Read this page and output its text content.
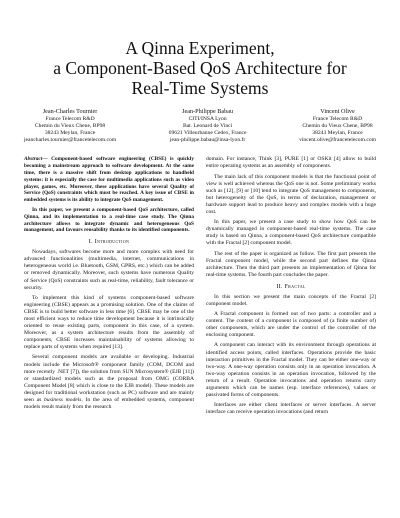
A Qinna Experiment,
a Component-Based QoS Architecture for
Real-Time Systems
Jean-Charles Tournier
France Telecom R&D
Chemin du Vieux Chene, BP98
38243 Meylan, France
jeancharles.tournier@francetelecom.com
Jean-Philippe Babau
CITI/INSA Lyon
Bat. Leonard de Vinci
69621 Villeurbanne Cedex, France
jean-philippe.babau@insa-lyon.fr
Vincent Olive
France Telecom R&D
Chemin du Vieux Chene, BP98
38243 Meylan, France
vincent.olive@francetelecom.com

Abstract— Component-based software engineering (CBSE) is quickly becoming a mainstream approach to software development. At the same time, there is a massive shift from desktop applications to handheld systems: it is especially the case for multimedia applications such as video player, games, etc. Moreover, these applications have several Quality of Service (QoS) constraints which must be reached. A key issue of CBSE in embedded systems is its ability to integrate QoS management.

In this paper, we present a component-based QoS architecture, called Qinna, and its implementation to a real-time case study. The Qinna architecture allows to integrate dynamic and heterogeneous QoS management, and favours reusability thanks to its identified components.

I. Introduction

Nowadays, softwares become more and more complex with need for advanced functionalities (multimedia, internet, communications in heterogeneous world i.e. Bluetooth, GSM, GPRS, etc.) which can be added or removed dynamically. Moreover, such systems have numerous Quality of Service (QoS) constraints such as real-time, reliability, fault tolerance or security.

To implement this kind of systems component-based software engineering (CBSE) appears as a promising solution. One of the claims of CBSE is to build better software in less time [6]. CBSE may be one of the most efficient ways to reduce time development because it is intrinsically oriented to reuse existing parts, component in this case, of a system. Moreover, as a system architecture results from the assembly of components, CBSE increases maintainability of systems allowing to replace parts of systems when required [13].

Several component models are available or developing. Industrial models include the Microsoft® component family (COM, DCOM and more recently .NET [7]), the solution from SUN Microsystem® (EJB [11]) or standardized models such as the proposal from OMG (CORBA Component Model [8] which is close to the EJB model). These models are designed for traditional workstation (such as PC) software and are mainly seen as business models. In the area of embedded systems, component models result mainly from the research

domain. For instance, Think [3], PURE [1] or OSKit [4] allow to build entire operating systems as an assembly of components.

The main lack of this component models is that the functional point of view is well achieved whereas the QoS one is not. Some preliminary works such as [12], [9] or [10] tend to integrate QoS management to components, but heterogeneity of the QoS, in terms of declaration, management or hardware support lead to produce heavy and complex models with a huge cost.

In this paper, we present a case study to show how QoS can be dynamically managed in component-based real-time systems. The case study is based on Qinna, a component-based QoS architecture compatible with the Fractal [2] component model.

The rest of the paper is organized as follow. The first part presents the Fractal component model, while the second part defines the Qinna architecture. Then the third part presents an implementation of Qinna for real-time systems. The fourth part concludes the paper.

II. Fractal

In this section we present the main concepts of the Fractal [2] component model.

A Fractal component is formed out of two parts: a controller and a content. The content of a component is composed of (a finite number of) other components, which are under the control of the controller of the enclosing component.

A component can interact with its environment through operations at identified access points, called interfaces. Operations provide the basic interaction primitives in the Fractal model. They can be either one-way or two-way. A one-way operation consists only in an operation invocation. A two-way operation consists in an operation invocation, followed by the return of a result. Operation invocations and operation returns carry arguments which can be names (esp. interface references), values or passivated forms of components.

Interfaces are either client interfaces or server interfaces. A server interface can receive operation invocations (and return
